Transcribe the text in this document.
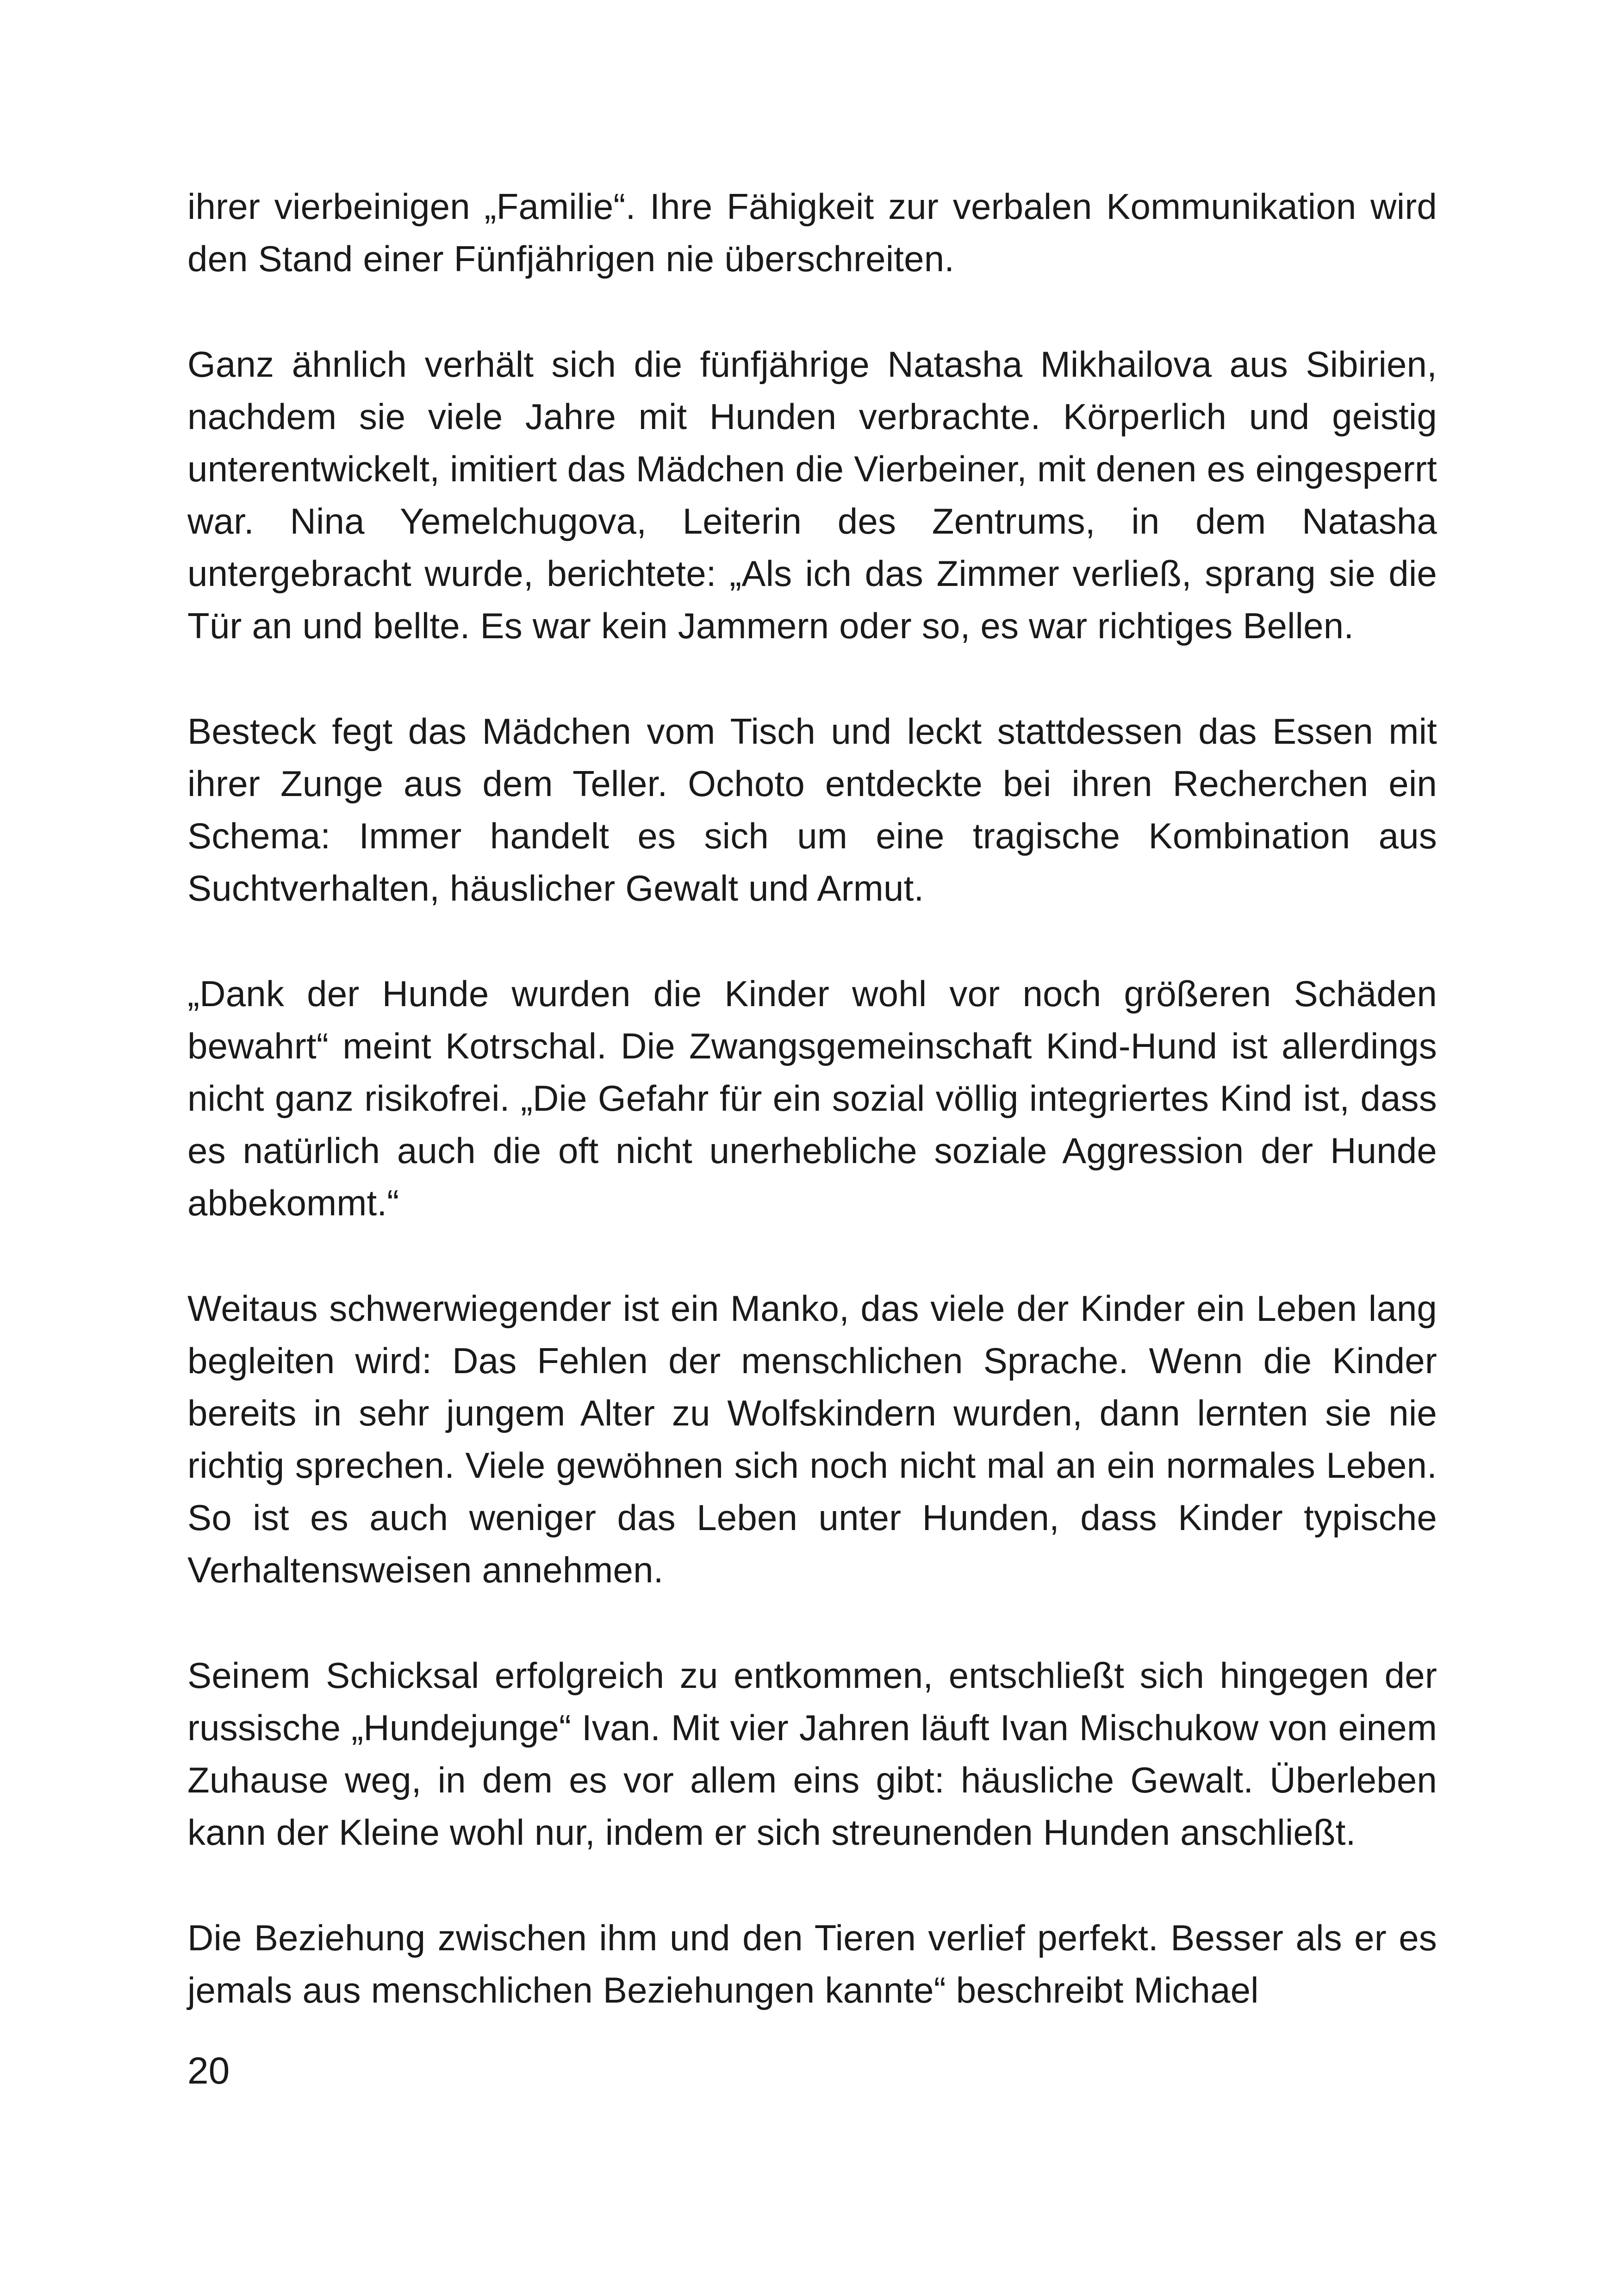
ihrer vierbeinigen „Familie“. Ihre Fähigkeit zur verbalen Kommunikation wird den Stand einer Fünfjährigen nie überschreiten.

Ganz ähnlich verhält sich die fünfjährige Natasha Mikhailova aus Sibirien, nachdem sie viele Jahre mit Hunden verbrachte. Körperlich und geistig unterentwickelt, imitiert das Mädchen die Vierbeiner, mit denen es eingesperrt war. Nina Yemelchugova, Leiterin des Zentrums, in dem Natasha untergebracht wurde, berichtete: „Als ich das Zimmer verließ, sprang sie die Tür an und bellte. Es war kein Jammern oder so, es war richtiges Bellen.

Besteck fegt das Mädchen vom Tisch und leckt stattdessen das Essen mit ihrer Zunge aus dem Teller. Ochoto entdeckte bei ihren Recherchen ein Schema: Immer handelt es sich um eine tragische Kombination aus Suchtverhalten, häuslicher Gewalt und Armut.

„Dank der Hunde wurden die Kinder wohl vor noch größeren Schäden bewahrt“ meint Kotrschal. Die Zwangsgemeinschaft Kind-Hund ist allerdings nicht ganz risikofrei. „Die Gefahr für ein sozial völlig integriertes Kind ist, dass es natürlich auch die oft nicht unerhebliche soziale Aggression der Hunde abbekommt.“

Weitaus schwerwiegender ist ein Manko, das viele der Kinder ein Leben lang begleiten wird: Das Fehlen der menschlichen Sprache. Wenn die Kinder bereits in sehr jungem Alter zu Wolfskindern wurden, dann lernten sie nie richtig sprechen. Viele gewöhnen sich noch nicht mal an ein normales Leben. So ist es auch weniger das Leben unter Hunden, dass Kinder typische Verhaltensweisen annehmen.

Seinem Schicksal erfolgreich zu entkommen, entschließt sich hingegen der russische „Hundejunge“ Ivan. Mit vier Jahren läuft Ivan Mischukow von einem Zuhause weg, in dem es vor allem eins gibt: häusliche Gewalt. Überleben kann der Kleine wohl nur, indem er sich streunenden Hunden anschließt.

Die Beziehung zwischen ihm und den Tieren verlief perfekt. Besser als er es jemals aus menschlichen Beziehungen kannte“ beschreibt Michael

20
